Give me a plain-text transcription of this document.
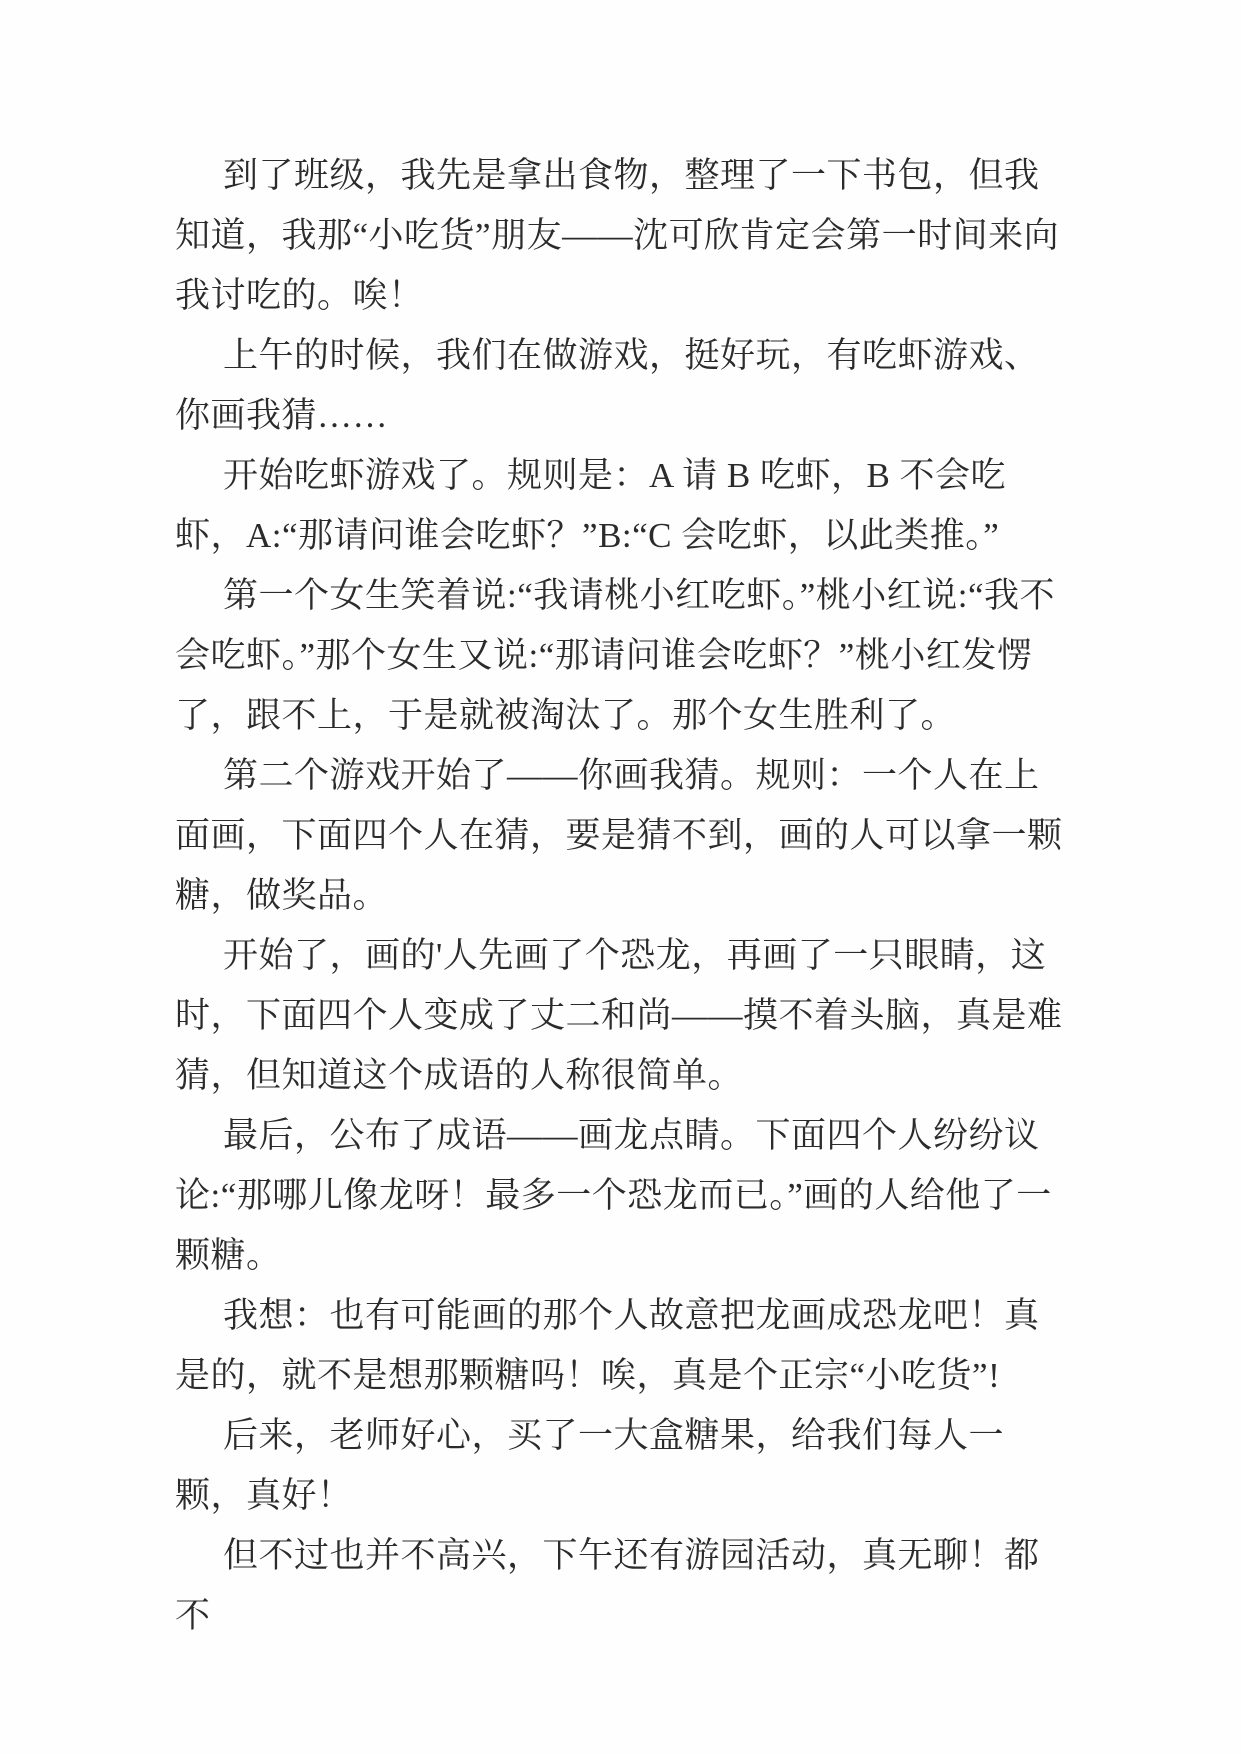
到了班级，我先是拿出食物，整理了一下书包，但我知道，我那“小吃货”朋友——沈可欣肯定会第一时间来向我讨吃的。唉！

上午的时候，我们在做游戏，挺好玩，有吃虾游戏、你画我猜……

开始吃虾游戏了。规则是：A 请 B 吃虾，B 不会吃虾，A:“那请问谁会吃虾？”B:“C 会吃虾，以此类推。”

第一个女生笑着说:“我请桃小红吃虾。”桃小红说:“我不会吃虾。”那个女生又说:“那请问谁会吃虾？”桃小红发愣了，跟不上，于是就被淘汰了。那个女生胜利了。

第二个游戏开始了——你画我猜。规则：一个人在上面画，下面四个人在猜，要是猜不到，画的人可以拿一颗糖，做奖品。

开始了，画的'人先画了个恐龙，再画了一只眼睛，这时，下面四个人变成了丈二和尚——摸不着头脑，真是难猜，但知道这个成语的人称很简单。

最后，公布了成语——画龙点睛。下面四个人纷纷议论:“那哪儿像龙呀！最多一个恐龙而已。”画的人给他了一颗糖。

我想：也有可能画的那个人故意把龙画成恐龙吧！真是的，就不是想那颗糖吗！唉，真是个正宗“小吃货”!

后来，老师好心，买了一大盒糖果，给我们每人一颗，真好！

但不过也并不高兴，下午还有游园活动，真无聊！都不
